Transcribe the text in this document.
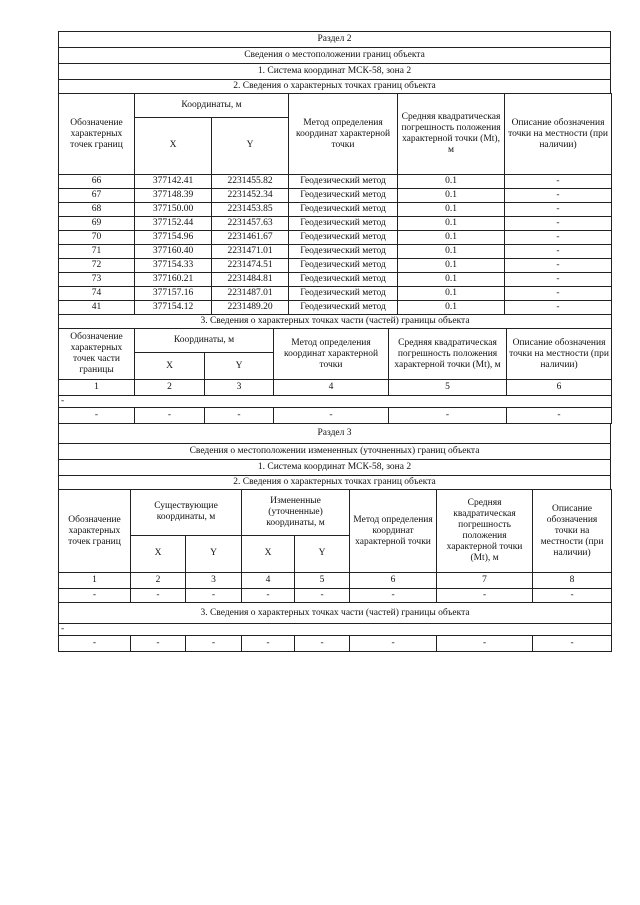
Раздел 2
Сведения о местоположении границ объекта
1. Система координат МСК-58, зона 2
2. Сведения о характерных точках границ объекта
Обозначение характерных точек границ	Координаты, м		Метод определения координат характерной точки	Средняя квадратическая погрешность положения характерной точки (Mt), м	Описание обозначения точки на местности (при наличии)
	X	Y			
66	377142.41	2231455.82	Геодезический метод	0.1	-
67	377148.39	2231452.34	Геодезический метод	0.1	-
68	377150.00	2231453.85	Геодезический метод	0.1	-
69	377152.44	2231457.63	Геодезический метод	0.1	-
70	377154.96	2231461.67	Геодезический метод	0.1	-
71	377160.40	2231471.01	Геодезический метод	0.1	-
72	377154.33	2231474.51	Геодезический метод	0.1	-
73	377160.21	2231484.81	Геодезический метод	0.1	-
74	377157.16	2231487.01	Геодезический метод	0.1	-
41	377154.12	2231489.20	Геодезический метод	0.1	-
3. Сведения о характерных точках части (частей) границы объекта					
Обозначение характерных точек части границы	Координаты, м		Метод определения координат характерной точки	Средняя квадратическая погрешность положения характерной точки (Mt), м	Описание обозначения точки на местности (при наличии)
	X	Y			
1	2	3	4	5	6
-					
-	-	-	-	-	-
Раздел 3
Сведения о местоположении измененных (уточненных) границ объекта
1. Система координат МСК-58, зона 2
2. Сведения о характерных точках границ объекта
Обозначение характерных точек границ	Существующие координаты, м		Измененные (уточненные) координаты, м		Метод определения координат характерной точки	Средняя квадратическая погрешность положения характерной точки (Mt), м	Описание обозначения точки на местности (при наличии)
	X	Y	X	Y			
1	2	3	4	5	6	7	8
-	-	-	-	-	-	-	-
3. Сведения о характерных точках части (частей) границы объекта							
-							
-	-	-	-	-	-	-	-
